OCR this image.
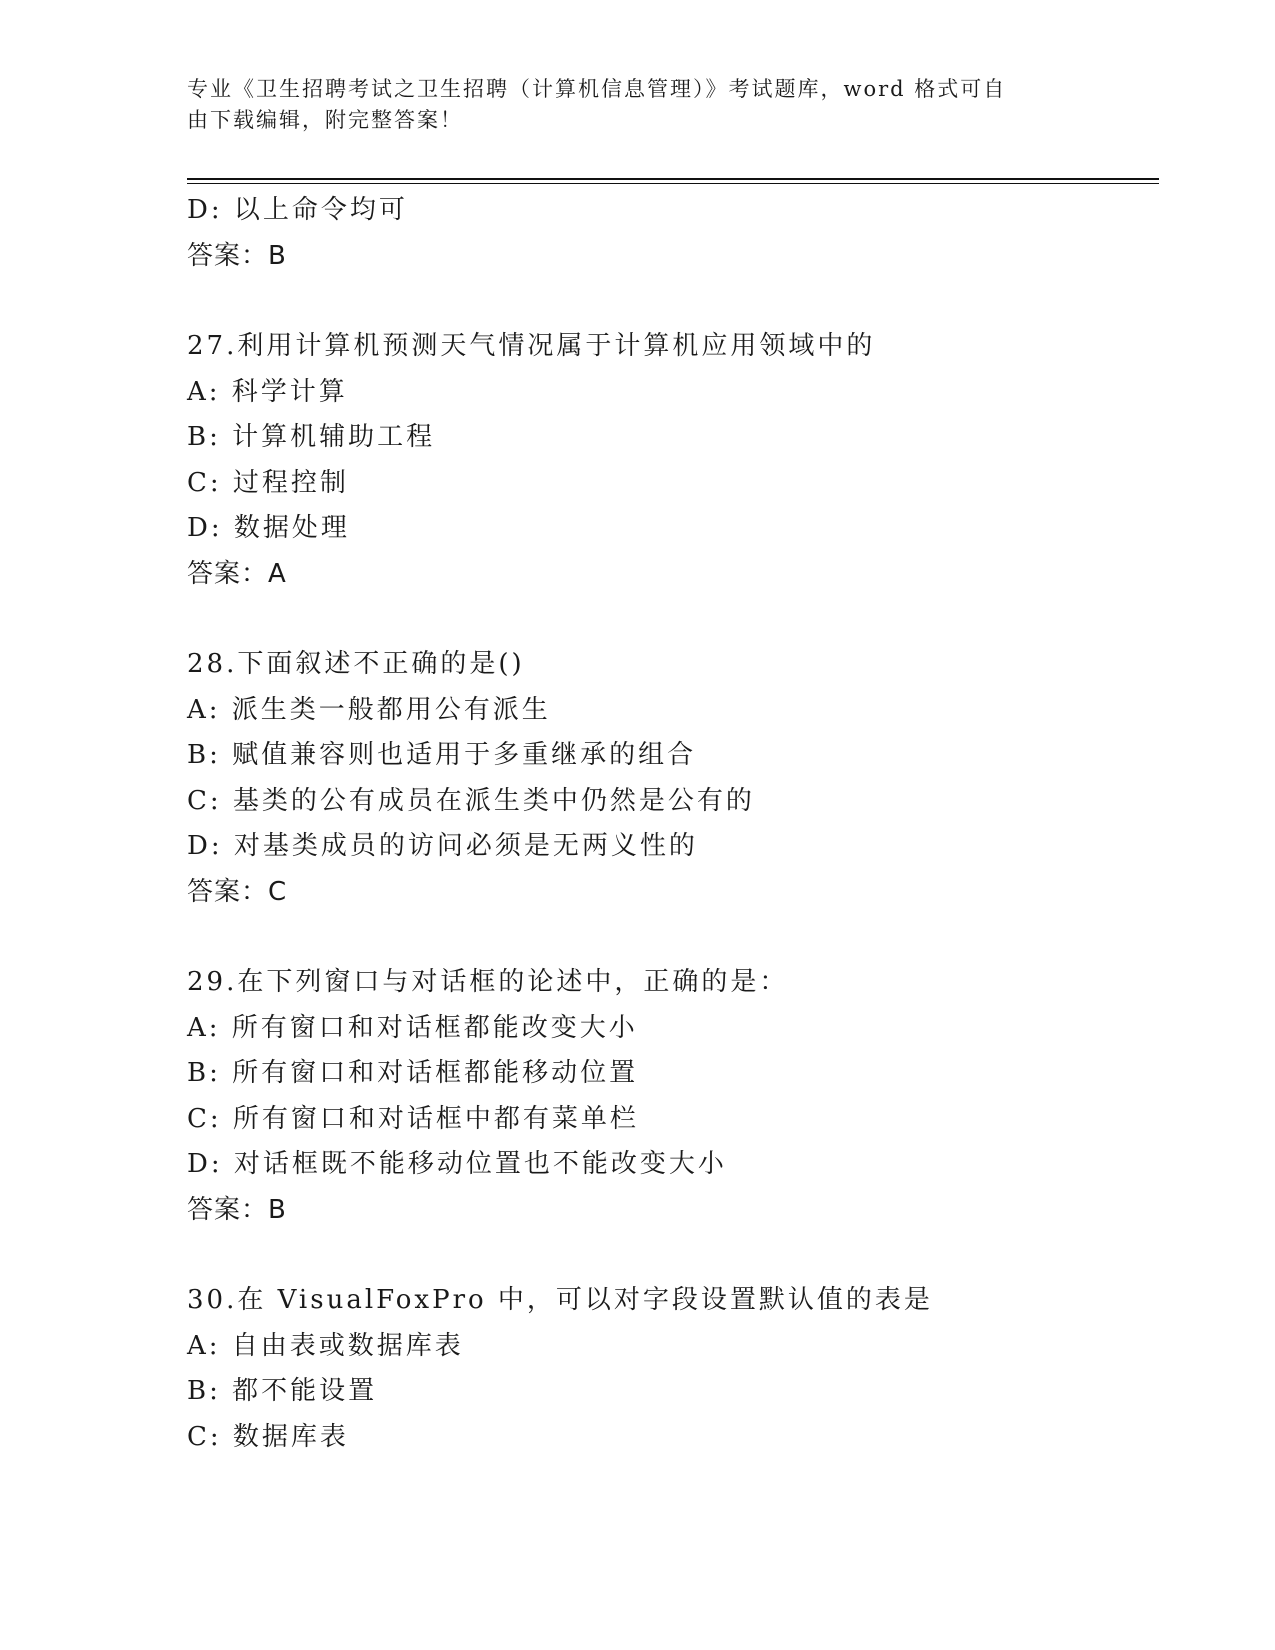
专业《卫生招聘考试之卫生招聘（计算机信息管理）》考试题库，word 格式可自
由下载编辑，附完整答案！
D: 以上命令均可
答案：B
27.利用计算机预测天气情况属于计算机应用领域中的
A: 科学计算
B: 计算机辅助工程
C: 过程控制
D: 数据处理
答案：A
28.下面叙述不正确的是()
A: 派生类一般都用公有派生
B: 赋值兼容则也适用于多重继承的组合
C: 基类的公有成员在派生类中仍然是公有的
D: 对基类成员的访问必须是无两义性的
答案：C
29.在下列窗口与对话框的论述中，正确的是：
A: 所有窗口和对话框都能改变大小
B: 所有窗口和对话框都能移动位置
C: 所有窗口和对话框中都有菜单栏
D: 对话框既不能移动位置也不能改变大小
答案：B
30.在 VisualFoxPro 中，可以对字段设置默认值的表是
A: 自由表或数据库表
B: 都不能设置
C: 数据库表
